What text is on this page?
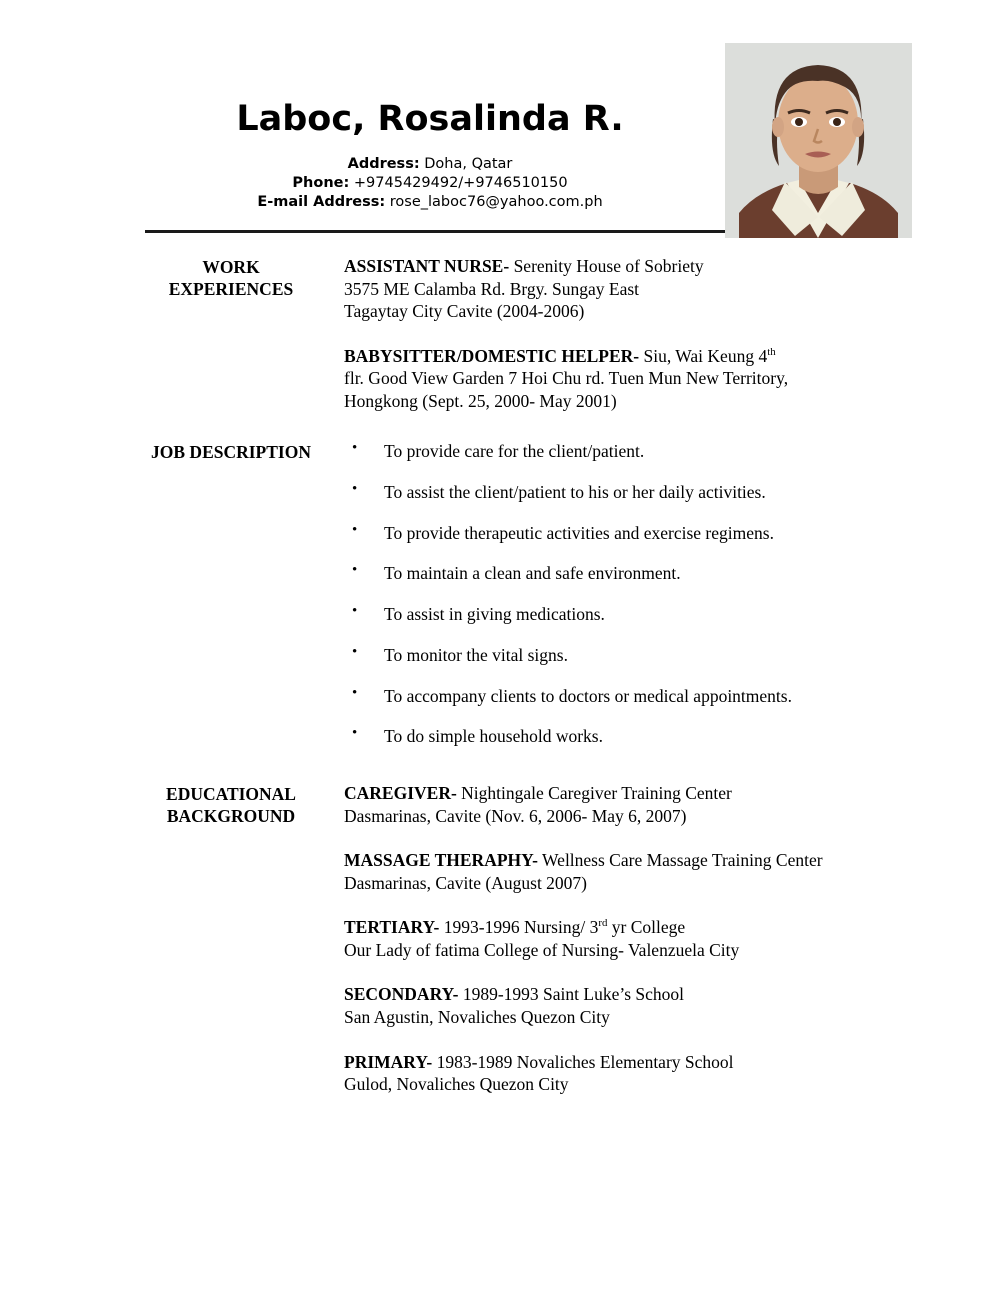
Laboc, Rosalinda R.
Address: Doha, Qatar
Phone: +9745429492/+9746510150
E-mail Address: rose_laboc76@yahoo.com.ph
WORK
EXPERIENCES
ASSISTANT NURSE- Serenity House of Sobriety
3575 ME Calamba Rd. Brgy. Sungay East
Tagaytay City Cavite (2004-2006)
BABYSITTER/DOMESTIC HELPER- Siu, Wai Keung 4th
flr. Good View Garden 7 Hoi Chu rd. Tuen Mun New Territory,
Hongkong (Sept. 25, 2000- May 2001)
JOB DESCRIPTION	• To provide care for the client/patient.
• To assist the client/patient to his or her daily activities.
• To provide therapeutic activities and exercise regimens.
• To maintain a clean and safe environment.
• To assist in giving medications.
• To monitor the vital signs.
• To accompany clients to doctors or medical appointments.
• To do simple household works.
EDUCATIONAL
BACKGROUND
CAREGIVER- Nightingale Caregiver Training Center
Dasmarinas, Cavite (Nov. 6, 2006- May 6, 2007)
MASSAGE THERAPHY- Wellness Care Massage Training Center
Dasmarinas, Cavite (August 2007)
TERTIARY- 1993-1996 Nursing/ 3rd yr College
Our Lady of fatima College of Nursing- Valenzuela City
SECONDARY- 1989-1993 Saint Luke’s School
San Agustin, Novaliches Quezon City
PRIMARY- 1983-1989 Novaliches Elementary School
Gulod, Novaliches Quezon City
